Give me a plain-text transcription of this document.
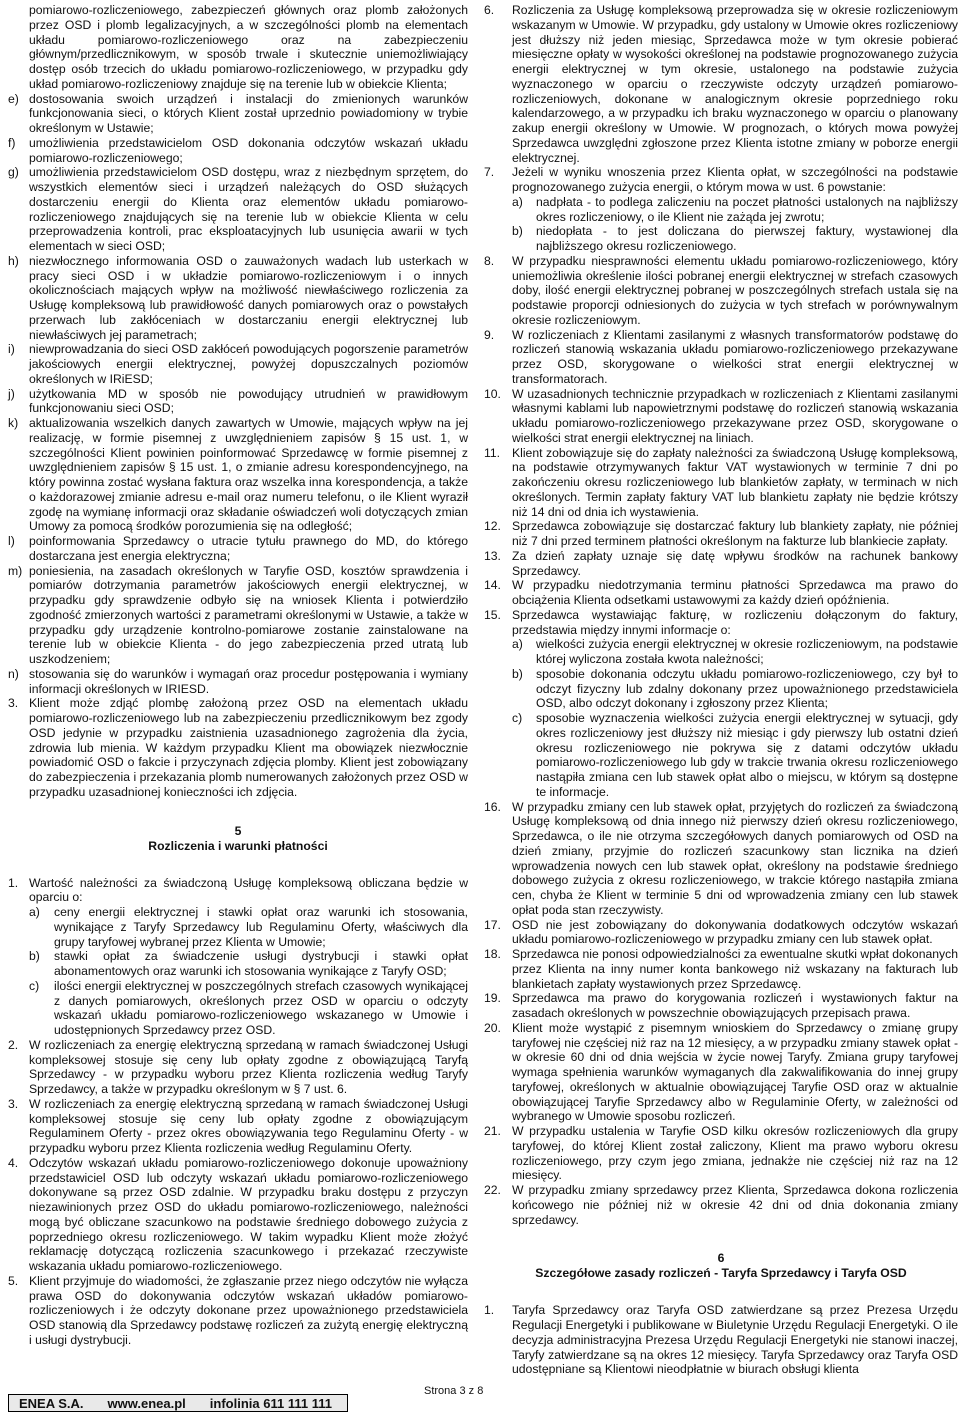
pomiarowo-rozliczeniowego, zabezpieczeń głównych oraz plomb założonych przez OSD i plomb legalizacyjnych, a w szczególności plomb na elementach układu pomiarowo-rozliczeniowego oraz na zabezpieczeniu głównym/przedlicznikowym, w sposób trwale i skutecznie uniemożliwiający dostęp osób trzecich do układu pomiarowo-rozliczeniowego, w przypadku gdy układ pomiarowo-rozliczeniowy znajduje się na terenie lub w obiekcie Klienta;
e) dostosowania swoich urządzeń i instalacji do zmienionych warunków funkcjonowania sieci, o których Klient został uprzednio powiadomiony w trybie określonym w Ustawie;
f) umożliwienia przedstawicielom OSD dokonania odczytów wskazań układu pomiarowo-rozliczeniowego;
g) umożliwienia przedstawicielom OSD dostępu, wraz z niezbędnym sprzętem, do wszystkich elementów sieci i urządzeń należących do OSD służących dostarczeniu energii do Klienta oraz elementów układu pomiarowo-rozliczeniowego znajdujących się na terenie lub w obiekcie Klienta w celu przeprowadzenia kontroli, prac eksploatacyjnych lub usunięcia awarii w tych elementach w sieci OSD;
h) niezwłocznego informowania OSD o zauważonych wadach lub usterkach w pracy sieci OSD i w układzie pomiarowo-rozliczeniowym i o innych okolicznościach mających wpływ na możliwość niewłaściwego rozliczenia za Usługę kompleksową lub prawidłowość danych pomiarowych oraz o powstałych przerwach lub zakłóceniach w dostarczaniu energii elektrycznej lub niewłaściwych jej parametrach;
i) niewprowadzania do sieci OSD zakłóceń powodujących pogorszenie parametrów jakościowych energii elektrycznej, powyżej dopuszczalnych poziomów określonych w IRiESD;
j) użytkowania MD w sposób nie powodujący utrudnień w prawidłowym funkcjonowaniu sieci OSD;
k) aktualizowania wszelkich danych zawartych w Umowie, mających wpływ na jej realizację, w formie pisemnej z uwzględnieniem zapisów § 15 ust. 1, w szczególności Klient powinien poinformować Sprzedawcę w formie pisemnej z uwzględnieniem zapisów § 15 ust. 1, o zmianie adresu korespondencyjnego, na który powinna zostać wysłana faktura oraz wszelka inna korespondencja, a także o każdorazowej zmianie adresu e-mail oraz numeru telefonu, o ile Klient wyraził zgodę na wymianę informacji oraz składanie oświadczeń woli dotyczących zmian Umowy za pomocą środków porozumienia się na odległość;
l) poinformowania Sprzedawcy o utracie tytułu prawnego do MD, do którego dostarczana jest energia elektryczna;
m) poniesienia, na zasadach określonych w Taryfie OSD, kosztów sprawdzenia i pomiarów dotrzymania parametrów jakościowych energii elektrycznej, w przypadku gdy sprawdzenie odbyło się na wniosek Klienta i potwierdziło zgodność zmierzonych wartości z parametrami określonymi w Ustawie, a także w przypadku gdy urządzenie kontrolno-pomiarowe zostanie zainstalowane na terenie lub w obiekcie Klienta - do jego zabezpieczenia przed utratą lub uszkodzeniem;
n) stosowania się do warunków i wymagań oraz procedur postępowania i wymiany informacji określonych w IRIESD.
3. Klient może zdjąć plombę założoną przez OSD na elementach układu pomiarowo-rozliczeniowego lub na zabezpieczeniu przedlicznikowym bez zgody OSD jedynie w przypadku zaistnienia uzasadnionego zagrożenia dla życia, zdrowia lub mienia. W każdym przypadku Klient ma obowiązek niezwłocznie powiadomić OSD o fakcie i przyczynach zdjęcia plomby. Klient jest zobowiązany do zabezpieczenia i przekazania plomb numerowanych założonych przez OSD w przypadku uzasadnionej konieczności ich zdjęcia.
5
Rozliczenia i warunki płatności
1. Wartość należności za świadczoną Usługę kompleksową obliczana będzie w oparciu o:
a) ceny energii elektrycznej i stawki opłat oraz warunki ich stosowania, wynikające z Taryfy Sprzedawcy lub Regulaminu Oferty, właściwych dla grupy taryfowej wybranej przez Klienta w Umowie;
b) stawki opłat za świadczenie usługi dystrybucji i stawki opłat abonamentowych oraz warunki ich stosowania wynikające z Taryfy OSD;
c) ilości energii elektrycznej w poszczególnych strefach czasowych wynikającej z danych pomiarowych, określonych przez OSD w oparciu o odczyty wskazań układu pomiarowo-rozliczeniowego wskazanego w Umowie i udostępnionych Sprzedawcy przez OSD.
2. W rozliczeniach za energię elektryczną sprzedaną w ramach świadczonej Usługi kompleksowej stosuje się ceny lub opłaty zgodne z obowiązującą Taryfą Sprzedawcy - w przypadku wyboru przez Klienta rozliczenia według Taryfy Sprzedawcy, a także w przypadku określonym w § 7 ust. 6.
3. W rozliczeniach za energię elektryczną sprzedaną w ramach świadczonej Usługi kompleksowej stosuje się ceny lub opłaty zgodne z obowiązującym Regulaminem Oferty - przez okres obowiązywania tego Regulaminu Oferty - w przypadku wyboru przez Klienta rozliczenia według Regulaminu Oferty.
4. Odczytów wskazań układu pomiarowo-rozliczeniowego dokonuje upoważniony przedstawiciel OSD lub odczyty wskazań układu pomiarowo-rozliczeniowego dokonywane są przez OSD zdalnie. W przypadku braku dostępu z przyczyn niezawinionych przez OSD do układu pomiarowo-rozliczeniowego, należności mogą być obliczane szacunkowo na podstawie średniego dobowego zużycia z poprzedniego okresu rozliczeniowego. W takim wypadku Klient może złożyć reklamację dotyczącą rozliczenia szacunkowego i przekazać rzeczywiste wskazania układu pomiarowo-rozliczeniowego.
5. Klient przyjmuje do wiadomości, że zgłaszanie przez niego odczytów nie wyłącza prawa OSD do dokonywania odczytów wskazań układów pomiarowo-rozliczeniowych i że odczyty dokonane przez upoważnionego przedstawiciela OSD stanowią dla Sprzedawcy podstawę rozliczeń za zużytą energię elektryczną i usługi dystrybucji.
6. Rozliczenia za Usługę kompleksową przeprowadza się w okresie rozliczeniowym wskazanym w Umowie. W przypadku, gdy ustalony w Umowie okres rozliczeniowy jest dłuższy niż jeden miesiąc, Sprzedawca może w tym okresie pobierać miesięczne opłaty w wysokości określonej na podstawie prognozowanego zużycia energii elektrycznej w tym okresie, ustalonego na podstawie zużycia wyznaczonego w oparciu o rzeczywiste odczyty urządzeń pomiarowo-rozliczeniowych, dokonane w analogicznym okresie poprzedniego roku kalendarzowego, a w przypadku ich braku wyznaczonego w oparciu o planowany zakup energii określony w Umowie. W prognozach, o których mowa powyżej Sprzedawca uwzględni zgłoszone przez Klienta istotne zmiany w poborze energii elektrycznej.
7. Jeżeli w wyniku wnoszenia przez Klienta opłat, w szczególności na podstawie prognozowanego zużycia energii, o którym mowa w ust. 6 powstanie:
a) nadpłata - to podlega zaliczeniu na poczet płatności ustalonych na najbliższy okres rozliczeniowy, o ile Klient nie zażąda jej zwrotu;
b) niedopłata - to jest doliczana do pierwszej faktury, wystawionej dla najbliższego okresu rozliczeniowego.
8. W przypadku niesprawności elementu układu pomiarowo-rozliczeniowego, który uniemożliwia określenie ilości pobranej energii elektrycznej w strefach czasowych doby, ilość energii elektrycznej pobranej w poszczególnych strefach ustala się na podstawie proporcji odniesionych do zużycia w tych strefach w porównywalnym okresie rozliczeniowym.
9. W rozliczeniach z Klientami zasilanymi z własnych transformatorów podstawę do rozliczeń stanowią wskazania układu pomiarowo-rozliczeniowego przekazywane przez OSD, skorygowane o wielkości strat energii elektrycznej w transformatorach.
10. W uzasadnionych technicznie przypadkach w rozliczeniach z Klientami zasilanymi własnymi kablami lub napowietrznymi podstawę do rozliczeń stanowią wskazania układu pomiarowo-rozliczeniowego przekazywane przez OSD, skorygowane o wielkości strat energii elektrycznej na liniach.
11. Klient zobowiązuje się do zapłaty należności za świadczoną Usługę kompleksową, na podstawie otrzymywanych faktur VAT wystawionych w terminie 7 dni po zakończeniu okresu rozliczeniowego lub blankietów zapłaty, w terminach w nich określonych. Termin zapłaty faktury VAT lub blankietu zapłaty nie będzie krótszy niż 14 dni od dnia ich wystawienia.
12. Sprzedawca zobowiązuje się dostarczać faktury lub blankiety zapłaty, nie później niż 7 dni przed terminem płatności określonym na fakturze lub blankiecie zapłaty.
13. Za dzień zapłaty uznaje się datę wpływu środków na rachunek bankowy Sprzedawcy.
14. W przypadku niedotrzymania terminu płatności Sprzedawca ma prawo do obciążenia Klienta odsetkami ustawowymi za każdy dzień opóźnienia.
15. Sprzedawca wystawiając fakturę, w rozliczeniu dołączonym do faktury, przedstawia między innymi informacje o:
a) wielkości zużycia energii elektrycznej w okresie rozliczeniowym, na podstawie której wyliczona została kwota należności;
b) sposobie dokonania odczytu układu pomiarowo-rozliczeniowego, czy był to odczyt fizyczny lub zdalny dokonany przez upoważnionego przedstawiciela OSD, albo odczyt dokonany i zgłoszony przez Klienta;
c) sposobie wyznaczenia wielkości zużycia energii elektrycznej w sytuacji, gdy okres rozliczeniowy jest dłuższy niż miesiąc i gdy pierwszy lub ostatni dzień okresu rozliczeniowego nie pokrywa się z datami odczytów układu pomiarowo-rozliczeniowego lub gdy w trakcie trwania okresu rozliczeniowego nastąpiła zmiana cen lub stawek opłat albo o miejscu, w którym są dostępne te informacje.
16. W przypadku zmiany cen lub stawek opłat, przyjętych do rozliczeń za świadczoną Usługę kompleksową od dnia innego niż pierwszy dzień okresu rozliczeniowego, Sprzedawca, o ile nie otrzyma szczegółowych danych pomiarowych od OSD na dzień zmiany, przyjmie do rozliczeń szacunkowy stan licznika na dzień wprowadzenia nowych cen lub stawek opłat, określony na podstawie średniego dobowego zużycia z okresu rozliczeniowego, w trakcie którego nastąpiła zmiana cen, chyba że Klient w terminie 5 dni od wprowadzenia zmiany cen lub stawek opłat poda stan rzeczywisty.
17. OSD nie jest zobowiązany do dokonywania dodatkowych odczytów wskazań układu pomiarowo-rozliczeniowego w przypadku zmiany cen lub stawek opłat.
18. Sprzedawca nie ponosi odpowiedzialności za ewentualne skutki wpłat dokonanych przez Klienta na inny numer konta bankowego niż wskazany na fakturach lub blankietach zapłaty wystawionych przez Sprzedawcę.
19. Sprzedawca ma prawo do korygowania rozliczeń i wystawionych faktur na zasadach określonych w powszechnie obowiązujących przepisach prawa.
20. Klient może wystąpić z pisemnym wnioskiem do Sprzedawcy o zmianę grupy taryfowej nie częściej niż raz na 12 miesięcy, a w przypadku zmiany stawek opłat - w okresie 60 dni od dnia wejścia w życie nowej Taryfy. Zmiana grupy taryfowej wymaga spełnienia warunków wymaganych dla zakwalifikowania do innej grupy taryfowej, określonych w aktualnie obowiązującej Taryfie OSD oraz w aktualnie obowiązującej Taryfie Sprzedawcy albo w Regulaminie Oferty, w zależności od wybranego w Umowie sposobu rozliczeń.
21. W przypadku ustalenia w Taryfie OSD kilku okresów rozliczeniowych dla grupy taryfowej, do której Klient został zaliczony, Klient ma prawo wyboru okresu rozliczeniowego, przy czym jego zmiana, jednakże nie częściej niż raz na 12 miesięcy.
22. W przypadku zmiany sprzedawcy przez Klienta, Sprzedawca dokona rozliczenia końcowego nie później niż w okresie 42 dni od dnia dokonania zmiany sprzedawcy.
6
Szczegółowe zasady rozliczeń - Taryfa Sprzedawcy i Taryfa OSD
1. Taryfa Sprzedawcy oraz Taryfa OSD zatwierdzane są przez Prezesa Urzędu Regulacji Energetyki i publikowane w Biuletynie Urzędu Regulacji Energetyki. O ile decyzja administracyjna Prezesa Urzędu Regulacji Energetyki nie stanowi inaczej, Taryfy zatwierdzane są na okres 12 miesięcy. Taryfa Sprzedawcy oraz Taryfa OSD udostępniane są Klientowi nieodpłatnie w biurach obsługi klienta
Strona 3 z 8
ENEA S.A. www.enea.pl infolinia 611 111 111
